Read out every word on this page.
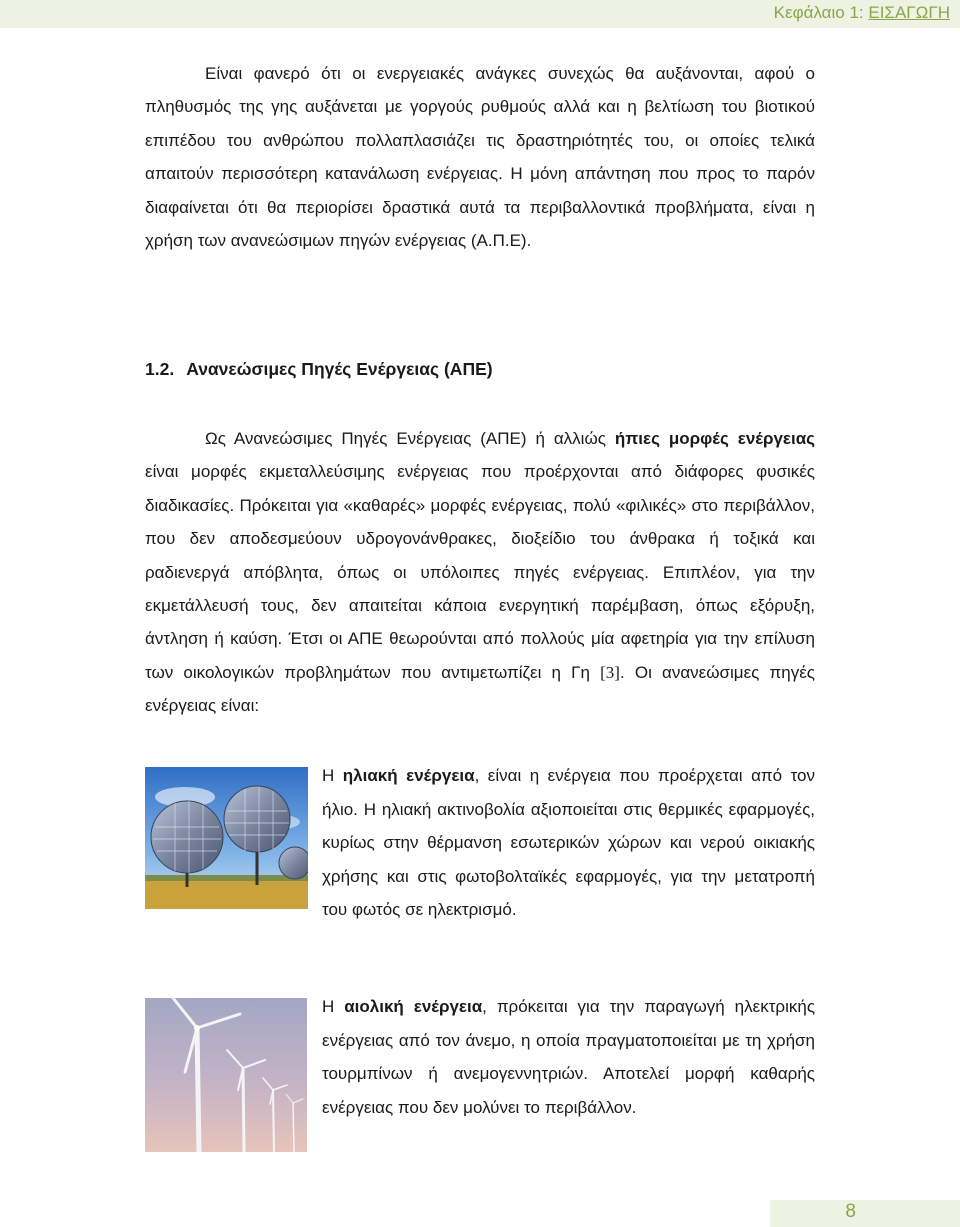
Κεφάλαιο 1: ΕΙΣΑΓΩΓΗ

Είναι φανερό ότι οι ενεργειακές ανάγκες συνεχώς θα αυξάνονται, αφού ο πληθυσμός της γης αυξάνεται με γοργούς ρυθμούς αλλά και η βελτίωση του βιοτικού επιπέδου του ανθρώπου πολλαπλασιάζει τις δραστηριότητές του, οι οποίες τελικά απαιτούν περισσότερη κατανάλωση ενέργειας. Η μόνη απάντηση που προς το παρόν διαφαίνεται ότι θα περιορίσει δραστικά αυτά τα περιβαλλοντικά προβλήματα, είναι η χρήση των ανανεώσιμων πηγών ενέργειας (Α.Π.Ε).

1.2. Ανανεώσιμες Πηγές Ενέργειας (ΑΠΕ)

Ως Ανανεώσιμες Πηγές Ενέργειας (ΑΠΕ) ή αλλιώς ήπιες μορφές ενέργειας είναι μορφές εκμεταλλεύσιμης ενέργειας που προέρχονται από διάφορες φυσικές διαδικασίες. Πρόκειται για «καθαρές» μορφές ενέργειας, πολύ «φιλικές» στο περιβάλλον, που δεν αποδεσμεύουν υδρογονάνθρακες, διοξείδιο του άνθρακα ή τοξικά και ραδιενεργά απόβλητα, όπως οι υπόλοιπες πηγές ενέργειας. Επιπλέον, για την εκμετάλλευσή τους, δεν απαιτείται κάποια ενεργητική παρέμβαση, όπως εξόρυξη, άντληση ή καύση. Έτσι οι ΑΠΕ θεωρούνται από πολλούς μία αφετηρία για την επίλυση των οικολογικών προβλημάτων που αντιμετωπίζει η Γη [3]. Οι ανανεώσιμες πηγές ενέργειας είναι:

Η ηλιακή ενέργεια, είναι η ενέργεια που προέρχεται από τον ήλιο. Η ηλιακή ακτινοβολία αξιοποιείται στις θερμικές εφαρμογές, κυρίως στην θέρμανση εσωτερικών χώρων και νερού οικιακής χρήσης και στις φωτοβολταϊκές εφαρμογές, για την μετατροπή του φωτός σε ηλεκτρισμό.

Η αιολική ενέργεια, πρόκειται για την παραγωγή ηλεκτρικής ενέργειας από τον άνεμο, η οποία πραγματοποιείται με τη χρήση τουρμπίνων ή ανεμογεννητριών. Αποτελεί μορφή καθαρής ενέργειας που δεν μολύνει το περιβάλλον.

8
